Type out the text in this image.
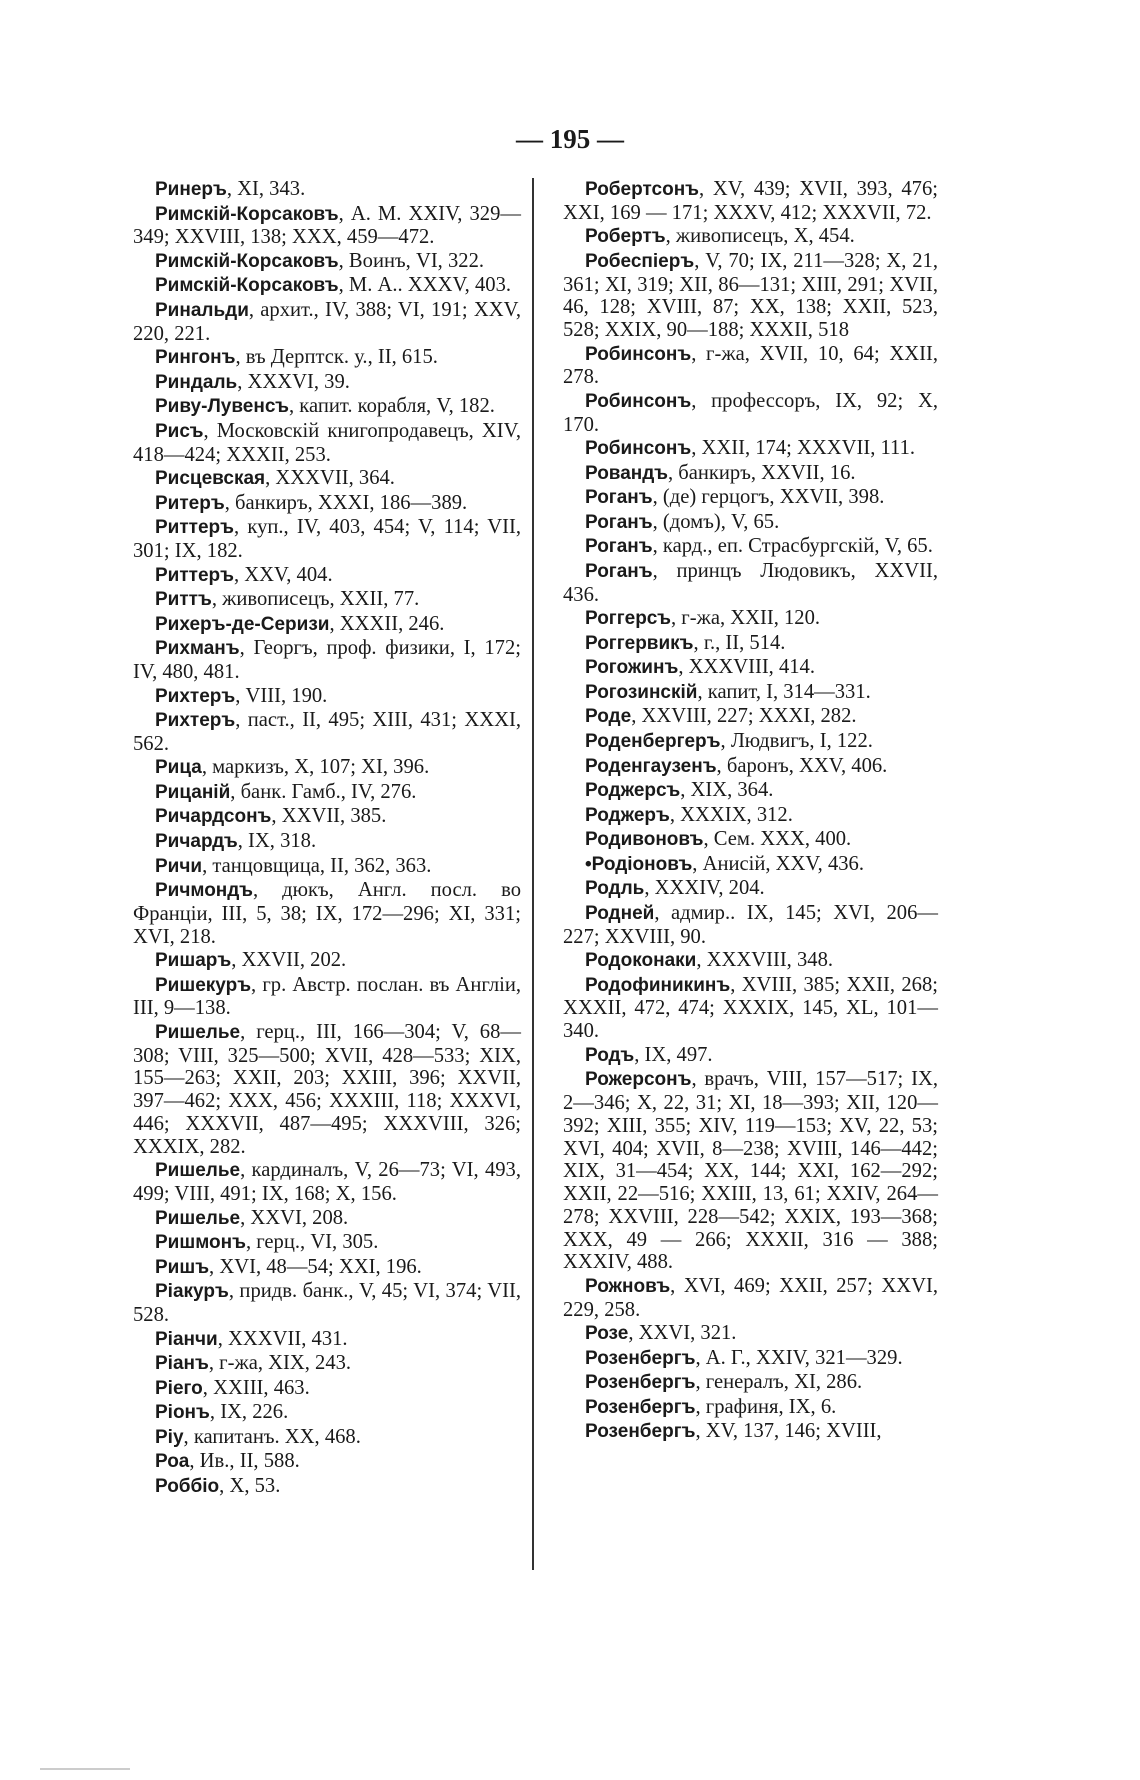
— 195 —

Ринеръ, XI, 343.

Римскій-Корсаковъ, А. М. XXIV, 329—349; XXVIII, 138; XXX, 459—472.

Римскій-Корсаковъ, Воинъ, VI, 322.

Римскій-Корсаковъ, М. А.. XXXV, 403.

Ринальди, архит., IV, 388; VI, 191; XXV, 220, 221.

Рингонъ, въ Дерптск. у., II, 615.

Риндаль, XXXVI, 39.

Риву-Лувенсъ, капит. корабля, V, 182.

Рисъ, Московскій книгопродавецъ, XIV, 418—424; XXXII, 253.

Рисцевская, XXXVII, 364.

Ритеръ, банкиръ, XXXI, 186—389.

Риттеръ, куп., IV, 403, 454; V, 114; VII, 301; IX, 182.

Риттеръ, XXV, 404.

Риттъ, живописецъ, XXII, 77.

Рихеръ-де-Серизи, XXXII, 246.

Рихманъ, Георгъ, проф. физики, I, 172; IV, 480, 481.

Рихтеръ, VIII, 190.

Рихтеръ, паст., II, 495; XIII, 431; XXXI, 562.

Рица, маркизъ, X, 107; XI, 396.

Рицаній, банк. Гамб., IV, 276.

Ричардсонъ, XXVII, 385.

Ричардъ, IX, 318.

Ричи, танцовщица, II, 362, 363.

Ричмондъ, дюкъ, Англ. посл. во Франціи, III, 5, 38; IX, 172—296; XI, 331; XVI, 218.

Ришаръ, XXVII, 202.

Ришекуръ, гр. Австр. послан. въ Англіи, III, 9—138.

Ришелье, герц., III, 166—304; V, 68—308; VIII, 325—500; XVII, 428—533; XIX, 155—263; XXII, 203; XXIII, 396; XXVII, 397—462; XXX, 456; XXXIII, 118; XXXVI, 446; XXXVII, 487—495; XXXVIII, 326; XXXIX, 282.

Ришелье, кардиналъ, V, 26—73; VI, 493, 499; VIII, 491; IX, 168; X, 156.

Ришелье, XXVI, 208.

Ришмонъ, герц., VI, 305.

Ришъ, XVI, 48—54; XXI, 196.

Ріакуръ, придв. банк., V, 45; VI, 374; VII, 528.

Ріанчи, XXXVII, 431.

Ріанъ, г-жа, XIX, 243.

Ріего, XXIII, 463.

Ріонъ, IX, 226.

Ріу, капитанъ. XX, 468.

Роа, Ив., II, 588.

Роббіо, X, 53.

Робертсонъ, XV, 439; XVII, 393, 476; XXI, 169 — 171; XXXV, 412; XXXVII, 72.

Робертъ, живописецъ, X, 454.

Робеспіеръ, V, 70; IX, 211—328; X, 21, 361; XI, 319; XII, 86—131; XIII, 291; XVII, 46, 128; XVIII, 87; XX, 138; XXII, 523, 528; XXIX, 90—188; XXXII, 518

Робинсонъ, г-жа, XVII, 10, 64; XXII, 278.

Робинсонъ, профессоръ, IX, 92; X, 170.

Робинсонъ, XXII, 174; XXXVII, 111.

Ровандъ, банкиръ, XXVII, 16.

Роганъ, (де) герцогъ, XXVII, 398.

Роганъ, (домъ), V, 65.

Роганъ, кард., еп. Страсбургскій, V, 65.

Роганъ, принцъ Людовикъ, XXVII, 436.

Роггерсъ, г-жа, XXII, 120.

Роггервикъ, г., II, 514.

Рогожинъ, XXXVIII, 414.

Рогозинскій, капит, I, 314—331.

Роде, XXVIII, 227; XXXI, 282.

Роденбергеръ, Людвигъ, I, 122.

Роденгаузенъ, баронъ, XXV, 406.

Роджерсъ, XIX, 364.

Роджеръ, XXXIX, 312.

Родивоновъ, Сем. XXX, 400.

•Родіоновъ, Анисій, XXV, 436.

Родль, XXXIV, 204.

Родней, адмир.. IX, 145; XVI, 206—227; XXVIII, 90.

Родоконаки, XXXVIII, 348.

Родофиникинъ, XVIII, 385; XXII, 268; XXXII, 472, 474; XXXIX, 145, XL, 101—340.

Родъ, IX, 497.

Рожерсонъ, врачъ, VIII, 157—517; IX, 2—346; X, 22, 31; XI, 18—393; XII, 120—392; XIII, 355; XIV, 119—153; XV, 22, 53; XVI, 404; XVII, 8—238; XVIII, 146—442; XIX, 31—454; XX, 144; XXI, 162—292; XXII, 22—516; XXIII, 13, 61; XXIV, 264—278; XXVIII, 228—542; XXIX, 193—368; XXX, 49 — 266; XXXII, 316 — 388; XXXIV, 488.

Рожновъ, XVI, 469; XXII, 257; XXVI, 229, 258.

Розе, XXVI, 321.

Розенбергъ, А. Г., XXIV, 321—329.

Розенбергъ, генералъ, XI, 286.

Розенбергъ, графиня, IX, 6.

Розенбергъ, XV, 137, 146; XVIII,
